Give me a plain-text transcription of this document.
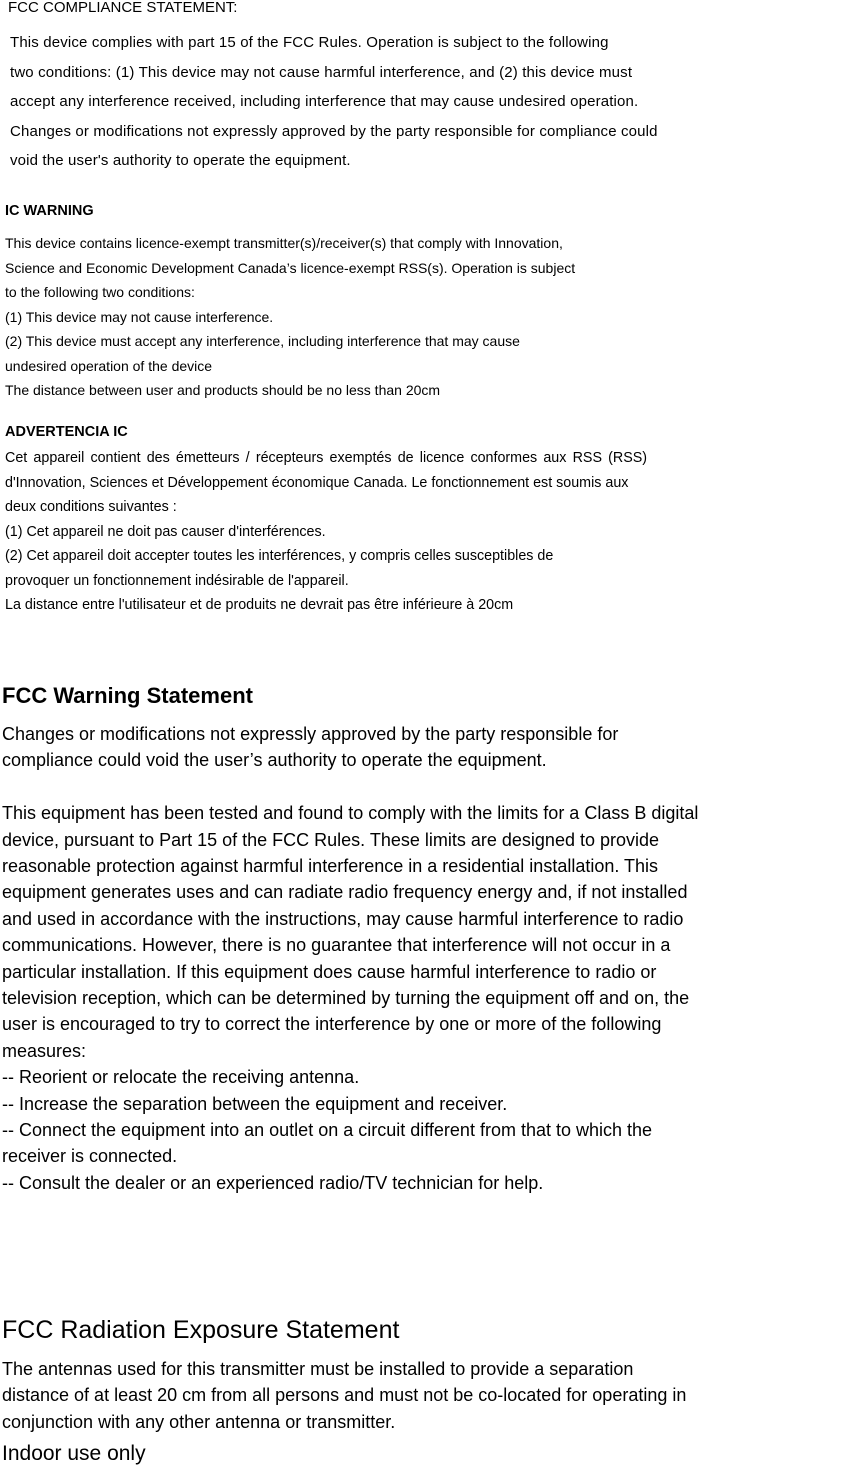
FCC COMPLIANCE STATEMENT:
This device complies with part 15 of the FCC Rules. Operation is subject to the following
two conditions: (1) This device may not cause harmful interference, and (2) this device must
accept any interference received, including interference that may cause undesired operation.
Changes or modifications not expressly approved by the party responsible for compliance could
void the user's authority to operate the equipment.
IC WARNING
This device contains licence-exempt transmitter(s)/receiver(s) that comply with Innovation,
Science and Economic Development Canada’s licence-exempt RSS(s). Operation is subject
to the following two conditions:
(1) This device may not cause interference.
(2) This device must accept any interference, including interference that may cause
undesired operation of the device
The distance between user and products should be no less than 20cm
ADVERTENCIA IC
Cet appareil contient des émetteurs / récepteurs exemptés de licence conformes aux RSS (RSS)
d'Innovation, Sciences et Développement économique Canada. Le fonctionnement est soumis aux
deux conditions suivantes :
(1) Cet appareil ne doit pas causer d'interférences.
(2) Cet appareil doit accepter toutes les interférences, y compris celles susceptibles de
provoquer un fonctionnement indésirable de l'appareil.
La distance entre l'utilisateur et de produits ne devrait pas être inférieure à 20cm
FCC Warning Statement
Changes or modifications not expressly approved by the party responsible for
compliance could void the user’s authority to operate the equipment.
This equipment has been tested and found to comply with the limits for a Class B digital
device, pursuant to Part 15 of the FCC Rules. These limits are designed to provide
reasonable protection against harmful interference in a residential installation. This
equipment generates uses and can radiate radio frequency energy and, if not installed
and used in accordance with the instructions, may cause harmful interference to radio
communications. However, there is no guarantee that interference will not occur in a
particular installation. If this equipment does cause harmful interference to radio or
television reception, which can be determined by turning the equipment off and on, the
user is encouraged to try to correct the interference by one or more of the following
measures:
-- Reorient or relocate the receiving antenna.
-- Increase the separation between the equipment and receiver.
-- Connect the equipment into an outlet on a circuit different from that to which the
receiver is connected.
-- Consult the dealer or an experienced radio/TV technician for help.
FCC Radiation Exposure Statement
The antennas used for this transmitter must be installed to provide a separation
distance of at least 20 cm from all persons and must not be co-located for operating in
conjunction with any other antenna or transmitter.
Indoor use only
